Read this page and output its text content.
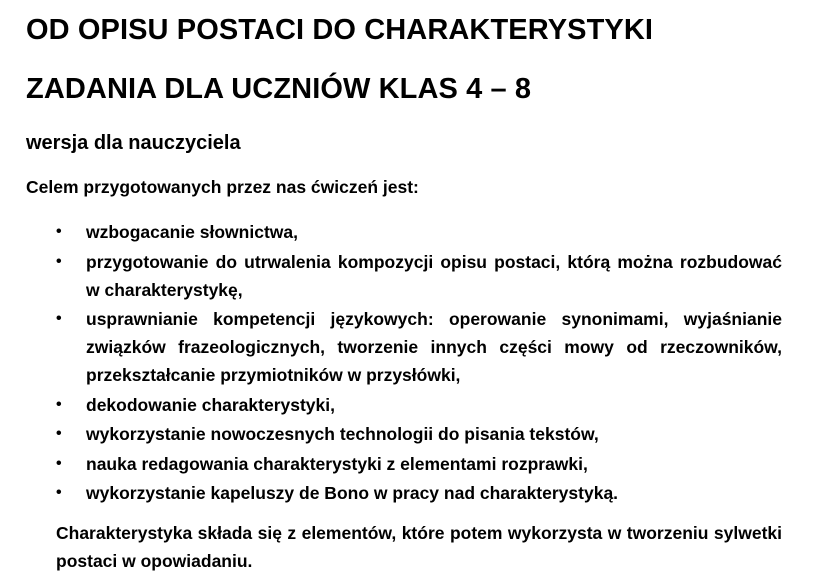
OD OPISU POSTACI DO CHARAKTERYSTYKI
ZADANIA DLA UCZNIÓW KLAS 4 – 8
wersja dla nauczyciela

Celem przygotowanych przez nas ćwiczeń jest:

• wzbogacanie słownictwa,
• przygotowanie do utrwalenia kompozycji opisu postaci, którą można rozbudować w charakterystykę,
• usprawnianie kompetencji językowych: operowanie synonimami, wyjaśnianie związków frazeologicznych, tworzenie innych części mowy od rzeczowników, przekształcanie przymiotników w przysłówki,
• dekodowanie charakterystyki,
• wykorzystanie nowoczesnych technologii do pisania tekstów,
• nauka redagowania charakterystyki z elementami rozprawki,
• wykorzystanie kapeluszy de Bono w pracy nad charakterystyką.

Charakterystyka składa się z elementów, które potem wykorzysta w tworzeniu sylwetki postaci w opowiadaniu.
